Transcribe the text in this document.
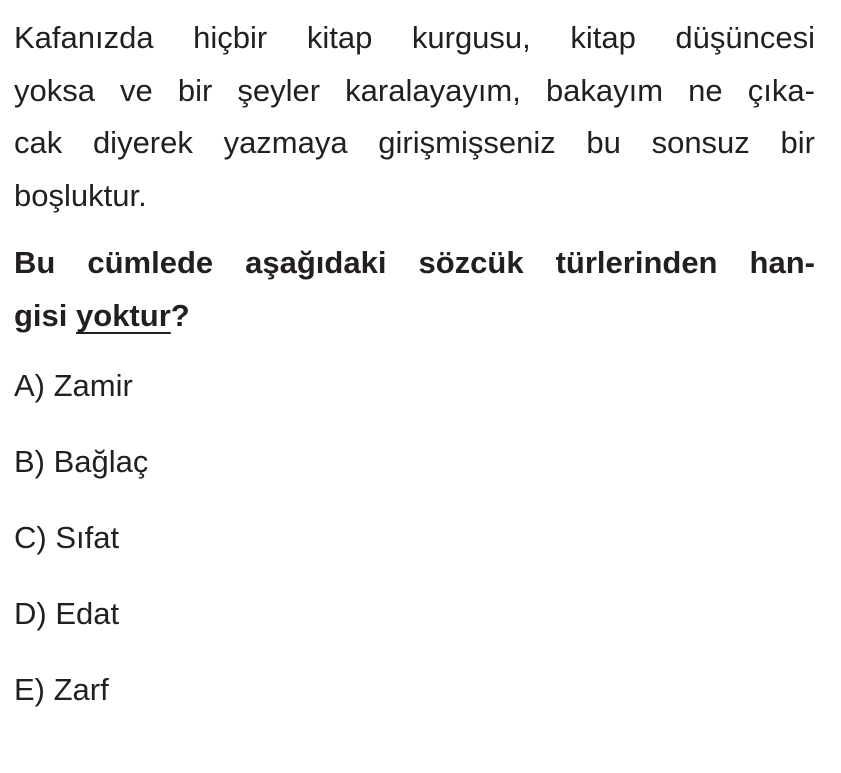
Kafanızda hiçbir kitap kurgusu, kitap düşüncesi
yoksa ve bir şeyler karalayayım, bakayım ne çıka-
cak diyerek yazmaya girişmişseniz bu sonsuz bir
boşluktur.
Bu cümlede aşağıdaki sözcük türlerinden han-
gisi yoktur?
A) Zamir
B) Bağlaç
C) Sıfat
D) Edat
E) Zarf
